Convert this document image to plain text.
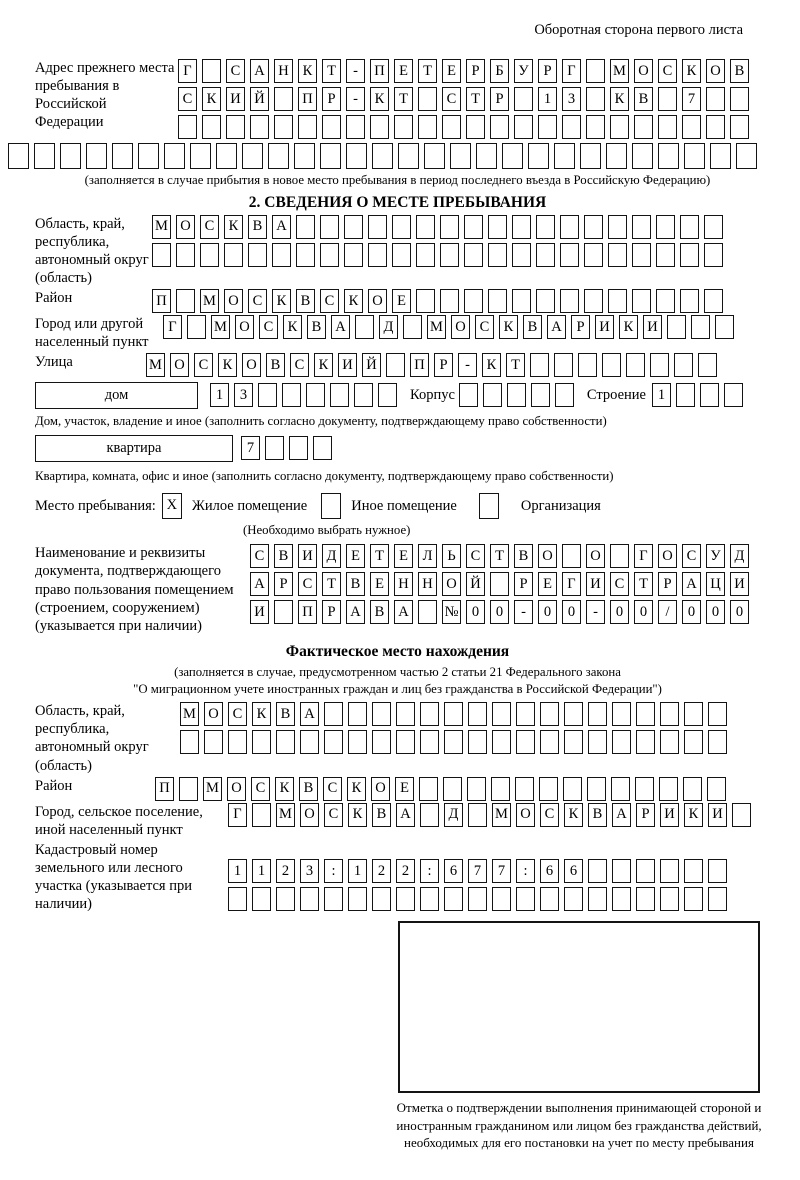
Оборотная сторона первого листа
Адрес прежнего места пребывания в Российской Федерации
Г	С А Н К	Т	-	П Е	Т	Е	Р	Б	У	Р	Г	М О С К О В
С К И Й	П	Р	-	К	Т	С	Т	Р	1	3	К В	7
(заполняется в случае прибытия в новое место пребывания в период последнего въезда в Российскую Федерацию)
2. СВЕДЕНИЯ О МЕСТЕ ПРЕБЫВАНИЯ
Область, край, республика, автономный округ (область)
М О С К В А
Район	П	М О С К В С К О Е
Город или другой населенный пункт
Г	М О С К В А	Д	М О С К В А	Р	И К И
Улица	М О С К О В С К И Й	П	Р	-	К	Т
дом	1	3	Корпус	Строение 1
Дом, участок, владение и иное (заполнить согласно документу, подтверждающему право собственности)
квартира	7
Квартира, комната, офис и иное (заполнить согласно документу, подтверждающему право собственности)
Место пребывания: X	Жилое помещение	Иное помещение	Организация
(Необходимо выбрать нужное)
Наименование и реквизиты документа, подтверждающего право пользования помещением (строением, сооружением) (указывается при наличии)
С В И Д	Е	Т	Е	Л	Ь	С	Т	В О	О	Г	О С У Д
А	Р	С	Т	В	Е Н Н О Й	Р	Е	Г	И С	Т	Р	А Ц И
И	П	Р	А В А № 0	0	-	0	0	-	0	0	/	0	0	0
Фактическое место нахождения
(заполняется в случае, предусмотренном частью 2 статьи 21 Федерального закона
"О миграционном учете иностранных граждан и лиц без гражданства в Российской Федерации")
Область, край, республика, автономный округ (область)
М О С К В А
Район	П	М О С К В С К О Е
Город, сельское поселение, иной населенный пункт
Г	М О С К В А	Д	М О С К В А	Р	И К И
Кадастровый номер земельного или лесного участка (указывается при наличии)
1	1	2	3	:	1	2	2	:	6	7	7	:	6	6
Отметка о подтверждении выполнения принимающей стороной и иностранным гражданином или лицом без гражданства действий, необходимых для его постановки на учет по месту пребывания
